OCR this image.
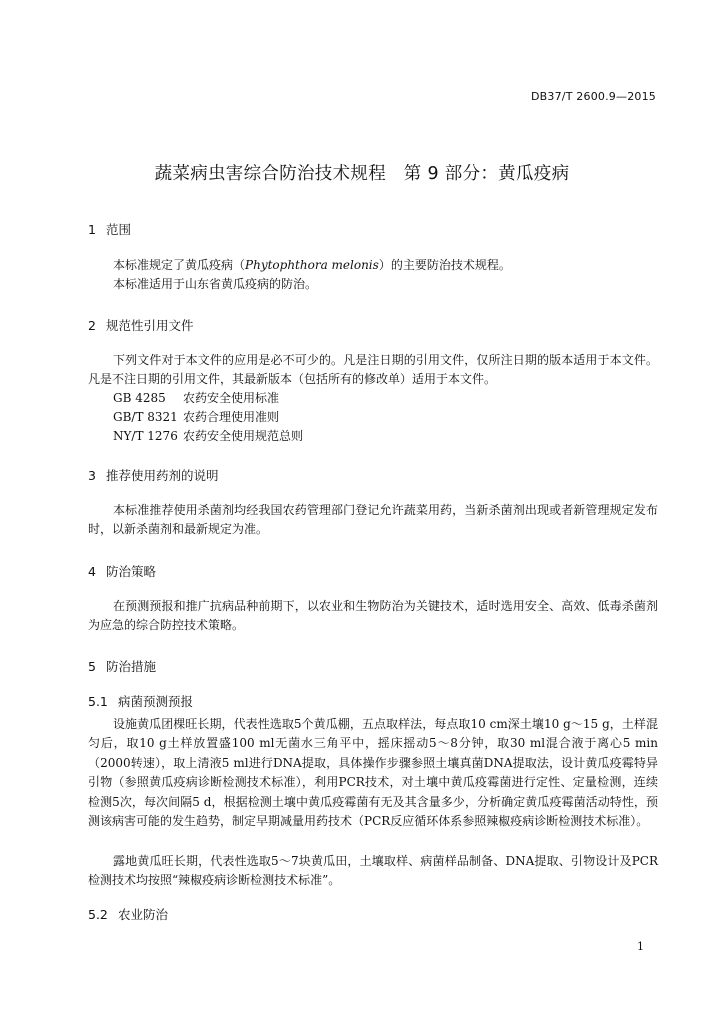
DB37/T 2600.9—2015
蔬菜病虫害综合防治技术规程　第 9 部分：黄瓜疫病
1 范围
本标准规定了黄瓜疫病（Phytophthora melonis）的主要防治技术规程。
本标准适用于山东省黄瓜疫病的防治。
2 规范性引用文件
下列文件对于本文件的应用是必不可少的。凡是注日期的引用文件，仅所注日期的版本适用于本文件。凡是不注日期的引用文件，其最新版本（包括所有的修改单）适用于本文件。
GB 4285 农药安全使用标准
GB/T 8321 农药合理使用准则
NY/T 1276 农药安全使用规范总则
3 推荐使用药剂的说明
本标准推荐使用杀菌剂均经我国农药管理部门登记允许蔬菜用药，当新杀菌剂出现或者新管理规定发布时，以新杀菌剂和最新规定为准。
4 防治策略
在预测预报和推广抗病品种前期下，以农业和生物防治为关键技术，适时选用安全、高效、低毒杀菌剂为应急的综合防控技术策略。
5 防治措施
5.1 病菌预测预报
设施黄瓜团棵旺长期，代表性选取5个黄瓜棚，五点取样法，每点取10 cm深土壤10 g～15 g，土样混匀后，取10 g土样放置盛100 ml无菌水三角平中，摇床摇动5～8分钟，取30 ml混合液于离心5 min（2000转速），取上清液5 ml进行DNA提取，具体操作步骤参照土壤真菌DNA提取法，设计黄瓜疫霉特异引物（参照黄瓜疫病诊断检测技术标准），利用PCR技术，对土壤中黄瓜疫霉菌进行定性、定量检测，连续检测5次，每次间隔5 d，根据检测土壤中黄瓜疫霉菌有无及其含量多少，分析确定黄瓜疫霉菌活动特性，预测该病害可能的发生趋势，制定早期减量用药技术（PCR反应循环体系参照辣椒疫病诊断检测技术标准）。
露地黄瓜旺长期，代表性选取5～7块黄瓜田，土壤取样、病菌样品制备、DNA提取、引物设计及PCR检测技术均按照“辣椒疫病诊断检测技术标准”。
5.2 农业防治
1
